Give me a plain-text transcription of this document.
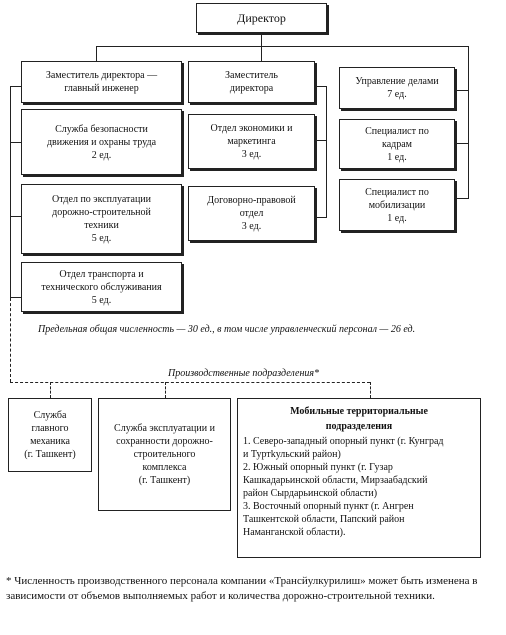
Директор
Заместитель директора —
главный инженер
Заместитель
директора
Служба безопасности
движения и охраны труда
2 ед.
Отдел по эксплуатации
дорожно-строительной
техники
5 ед.
Отдел транспорта и
технического обслуживания
5 ед.
Отдел экономики и
маркетинга
3 ед.
Договорно-правовой
отдел
3 ед.
Управление делами
7 ед.
Специалист по
кадрам
1 ед.
Специалист по
мобилизации
1 ед.
Предельная общая численность — 30 ед., в том числе управленческий персонал — 26 ед.
Производственные подразделения*
Служба
главного
механика
(г. Ташкент)
Служба эксплуатации и
сохранности дорожно-
строительного
комплекса
(г. Ташкент)
Мобильные территориальные
подразделения
1. Северо-западный опорный пункт (г. Кунград
и Туртkульский район)
2. Южный опорный пункт (г. Гузар
Кашкадарьинской области, Мирзаабадский
район Сырдарьинской области)
3. Восточный опорный пункт (г. Ангрен
Ташкентской области, Папский район
Наманганской области).
* Численность производственного персонала компании «Трансйулкурилиш» может быть изменена в зависимости от объемов выполняемых работ и количества дорожно-строительной техники.
